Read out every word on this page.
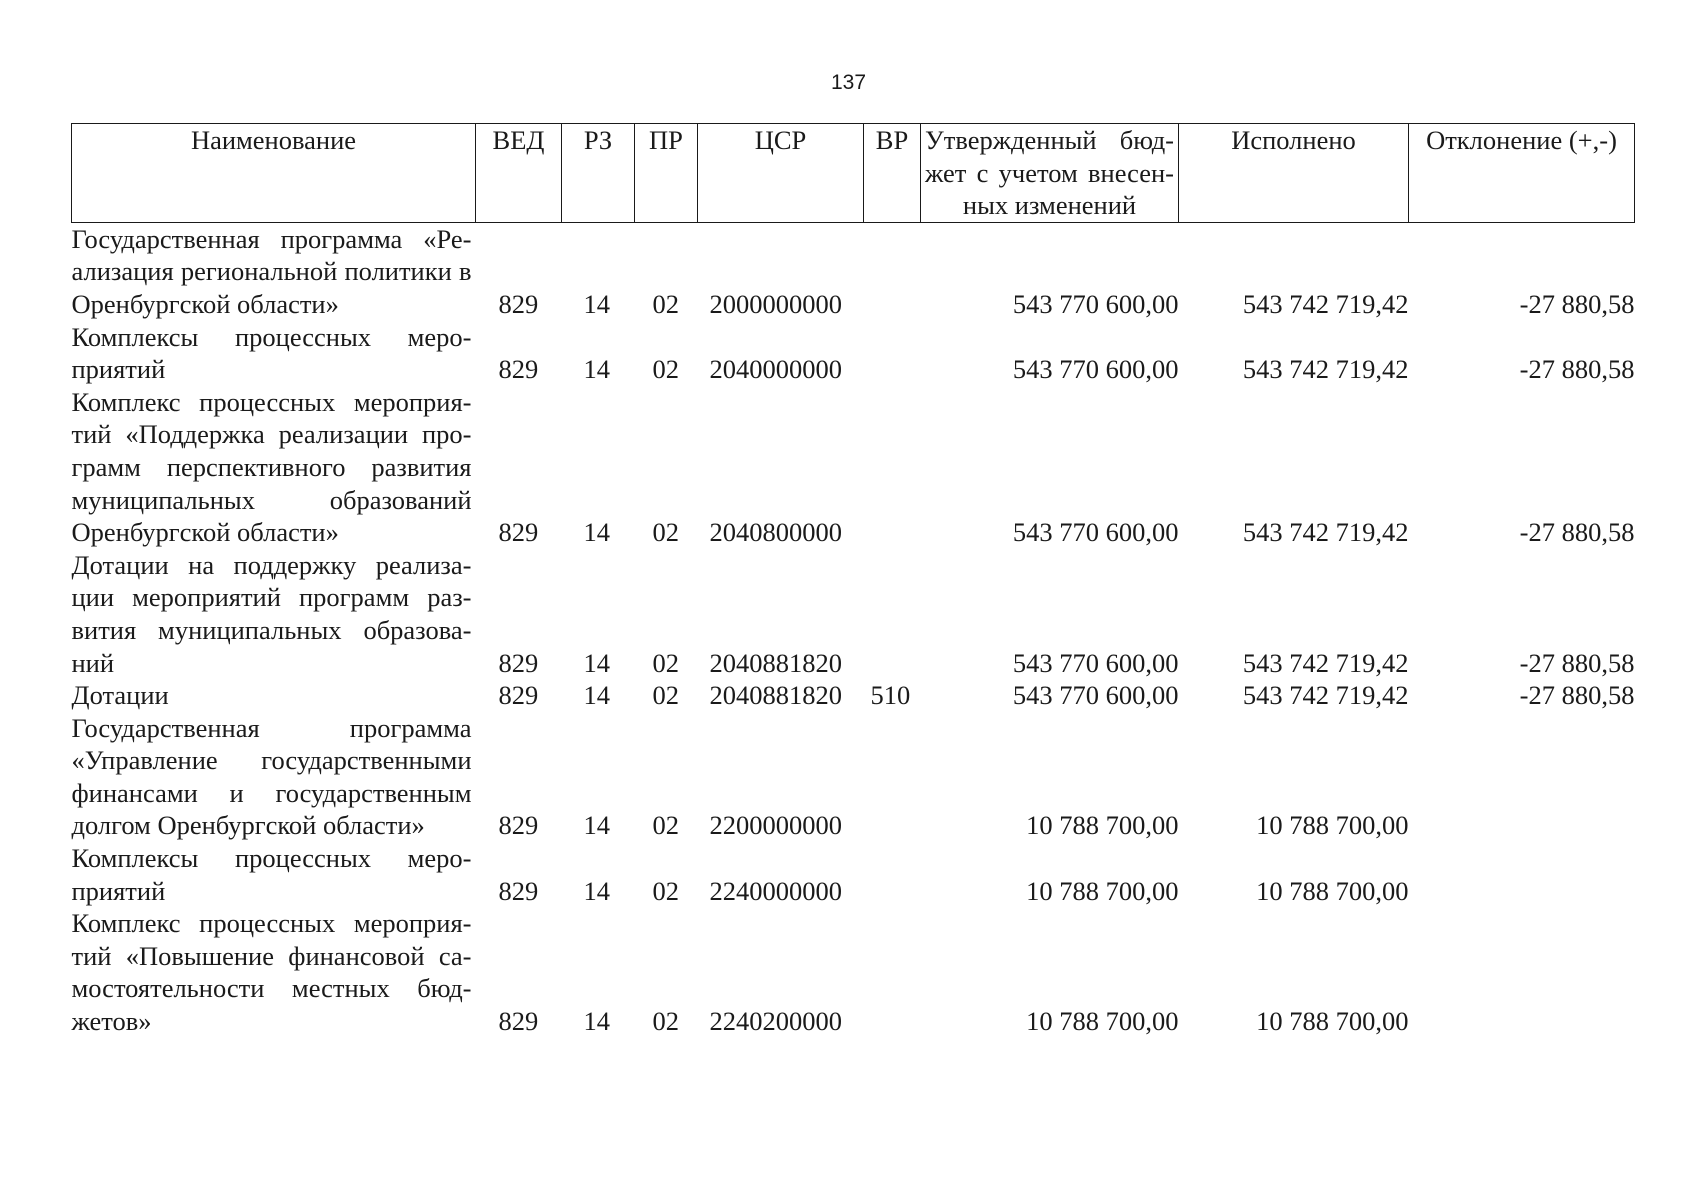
137
Наименование	ВЕД	РЗ	ПР	ЦСР	ВР	Утвержденный бюд-жет с учетом внесен-ных изменений	Исполнено	Отклонение (+,-)
Государственная программа «Ре-ализация региональной политики в Оренбургской области»	829	14	02	2000000000		543 770 600,00	543 742 719,42	-27 880,58
Комплексы процессных меро-приятий	829	14	02	2040000000		543 770 600,00	543 742 719,42	-27 880,58
Комплекс процессных мероприя-тий «Поддержка реализации про-грамм перспективного развития муниципальных образований Оренбургской области»	829	14	02	2040800000		543 770 600,00	543 742 719,42	-27 880,58
Дотации на поддержку реализа-ции мероприятий программ раз-вития муниципальных образова-ний	829	14	02	2040881820		543 770 600,00	543 742 719,42	-27 880,58
Дотации	829	14	02	2040881820	510	543 770 600,00	543 742 719,42	-27 880,58
Государственная программа «Управление государственными финансами и государственным долгом Оренбургской области»	829	14	02	2200000000		10 788 700,00	10 788 700,00	
Комплексы процессных меро-приятий	829	14	02	2240000000		10 788 700,00	10 788 700,00	
Комплекс процессных мероприя-тий «Повышение финансовой са-мостоятельности местных бюд-жетов»	829	14	02	2240200000		10 788 700,00	10 788 700,00	
